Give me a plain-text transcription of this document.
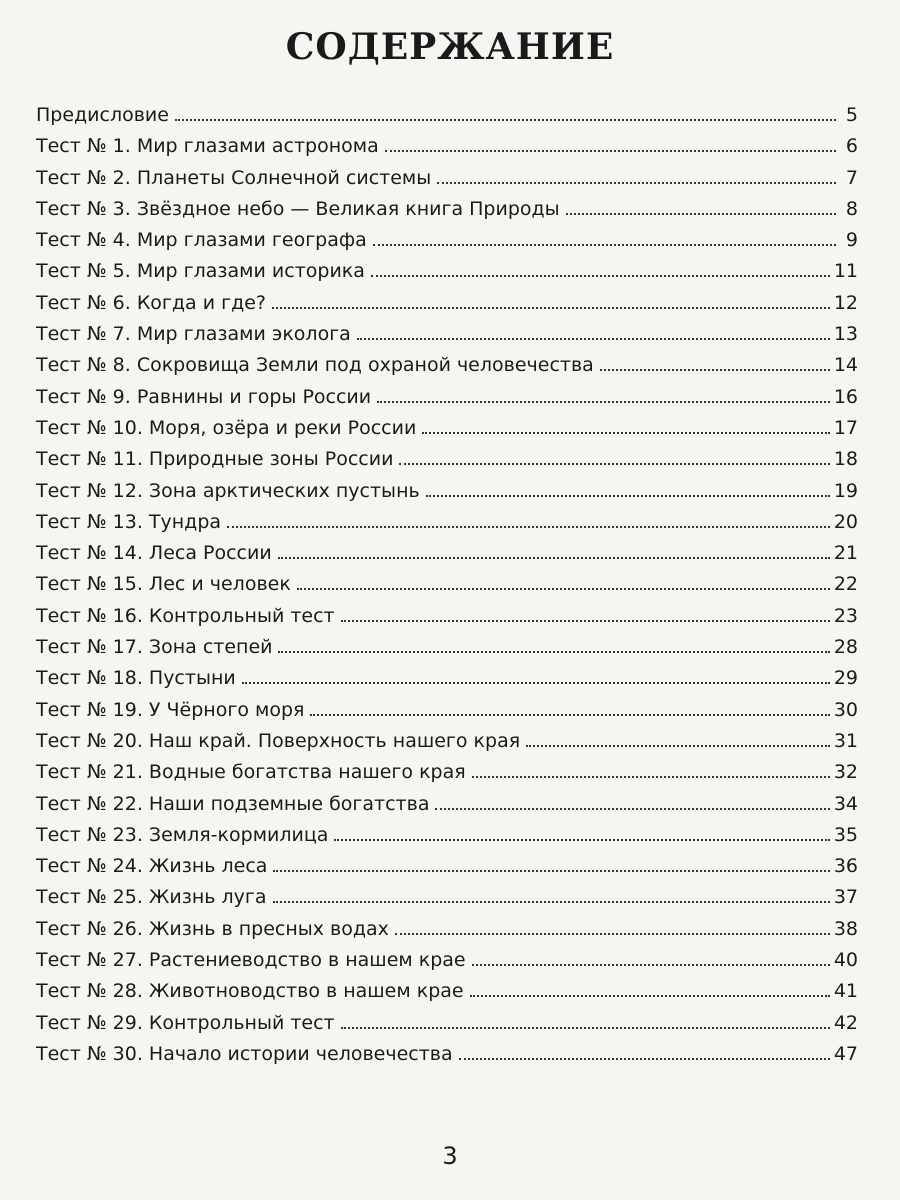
СОДЕРЖАНИЕ
Предисловие	5
Тест № 1. Мир глазами астронома	6
Тест № 2. Планеты Солнечной системы	7
Тест № 3. Звёздное небо — Великая книга Природы	8
Тест № 4. Мир глазами географа	9
Тест № 5. Мир глазами историка	11
Тест № 6. Когда и где?	12
Тест № 7. Мир глазами эколога	13
Тест № 8. Сокровища Земли под охраной человечества	14
Тест № 9. Равнины и горы России	16
Тест № 10. Моря, озёра и реки России	17
Тест № 11. Природные зоны России	18
Тест № 12. Зона арктических пустынь	19
Тест № 13. Тундра	20
Тест № 14. Леса России	21
Тест № 15. Лес и человек	22
Тест № 16. Контрольный тест	23
Тест № 17. Зона степей	28
Тест № 18. Пустыни	29
Тест № 19. У Чёрного моря	30
Тест № 20. Наш край. Поверхность нашего края	31
Тест № 21. Водные богатства нашего края	32
Тест № 22. Наши подземные богатства	34
Тест № 23. Земля-кормилица	35
Тест № 24. Жизнь леса	36
Тест № 25. Жизнь луга	37
Тест № 26. Жизнь в пресных водах	38
Тест № 27. Растениеводство в нашем крае	40
Тест № 28. Животноводство в нашем крае	41
Тест № 29. Контрольный тест	42
Тест № 30. Начало истории человечества	47
3
